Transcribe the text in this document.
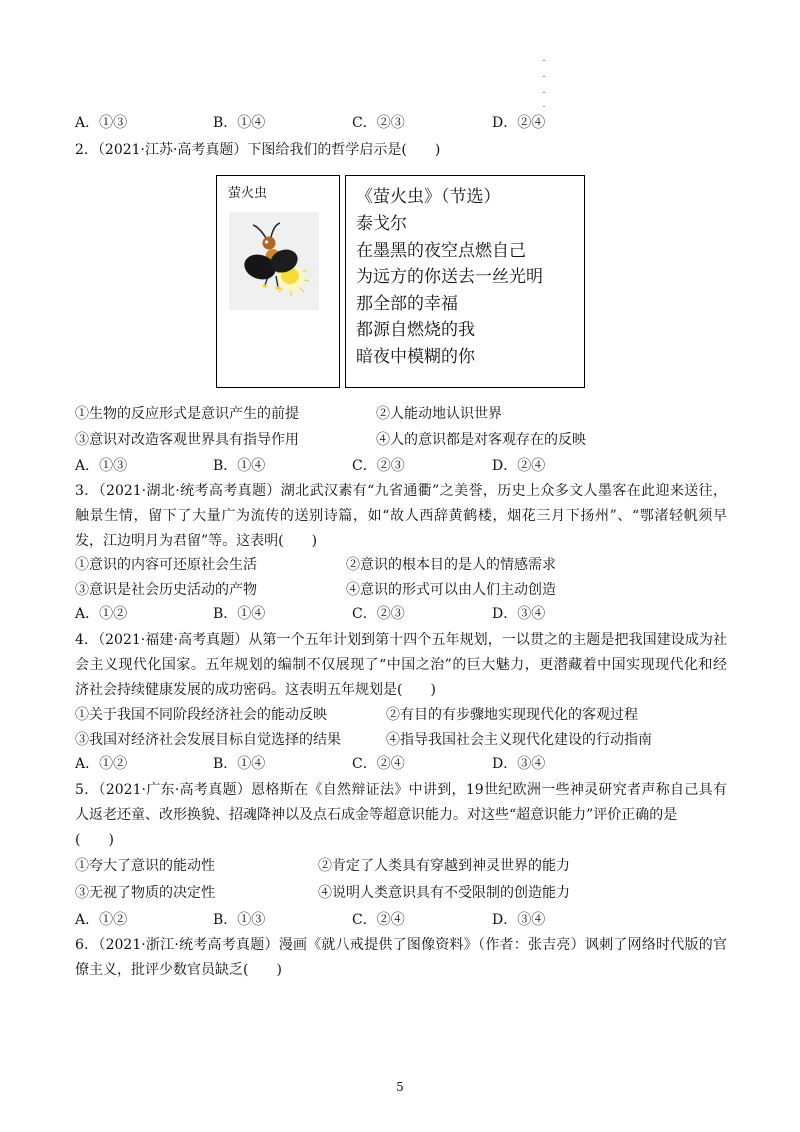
A．①③	B．①④	C．②③	D．②④
2．（2021·江苏·高考真题）下图给我们的哲学启示是(　　)
萤火虫	《萤火虫》（节选）
泰戈尔
在墨黑的夜空点燃自己
为远方的你送去一丝光明
那全部的幸福
都源自燃烧的我
暗夜中模糊的你
①生物的反应形式是意识产生的前提	②人能动地认识世界
③意识对改造客观世界具有指导作用	④人的意识都是对客观存在的反映
A．①③	B．①④	C．②③	D．②④
3．（2021·湖北·统考高考真题）湖北武汉素有“九省通衢”之美誉，历史上众多文人墨客在此迎来送往，
触景生情，留下了大量广为流传的送别诗篇，如“故人西辞黄鹤楼，烟花三月下扬州”、“鄂渚轻帆须早
发，江边明月为君留”等。这表明(　　)
①意识的内容可还原社会生活	②意识的根本目的是人的情感需求
③意识是社会历史活动的产物	④意识的形式可以由人们主动创造
A．①②	B．①④	C．②③	D．③④
4．（2021·福建·高考真题）从第一个五年计划到第十四个五年规划，一以贯之的主题是把我国建设成为社
会主义现代化国家。五年规划的编制不仅展现了“中国之治”的巨大魅力，更潜藏着中国实现现代化和经
济社会持续健康发展的成功密码。这表明五年规划是(　　)
①关于我国不同阶段经济社会的能动反映	②有目的有步骤地实现现代化的客观过程
③我国对经济社会发展目标自觉选择的结果	④指导我国社会主义现代化建设的行动指南
A．①②	B．①④	C．②④	D．③④
5．（2021·广东·高考真题）恩格斯在《自然辩证法》中讲到，19世纪欧洲一些神灵研究者声称自己具有
人返老还童、改形换貌、招魂降神以及点石成金等超意识能力。对这些“超意识能力”评价正确的是
(　　)
①夸大了意识的能动性	②肯定了人类具有穿越到神灵世界的能力
③无视了物质的决定性	④说明人类意识具有不受限制的创造能力
A．①②	B．①③	C．②④	D．③④
6．（2021·浙江·统考高考真题）漫画《就八戒提供了图像资料》（作者：张吉亮）讽刺了网络时代版的官
僚主义，批评少数官员缺乏(　　)
5
